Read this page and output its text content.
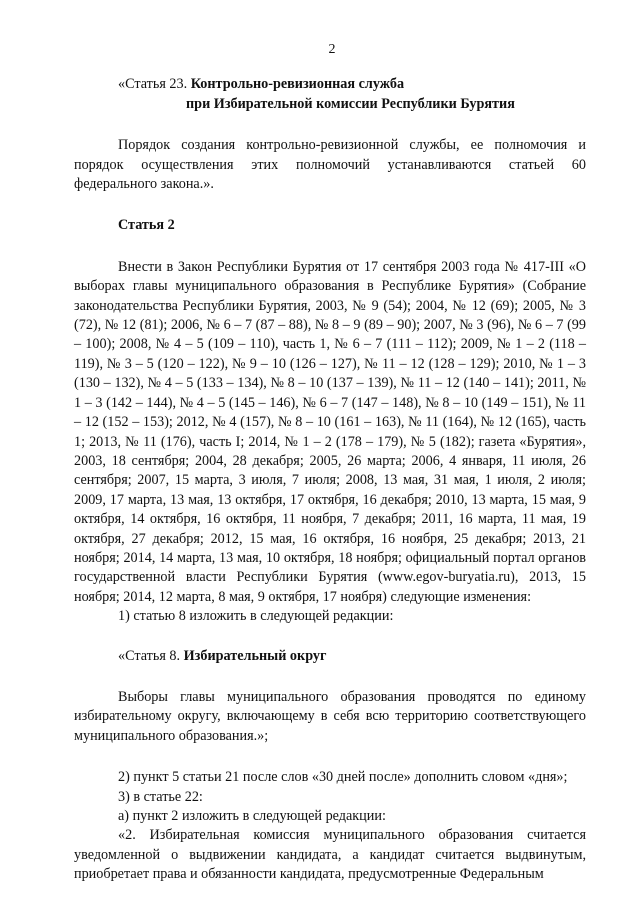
2

«Статья 23. Контрольно-ревизионная служба

при Избирательной комиссии Республики Бурятия

Порядок создания контрольно-ревизионной службы, ее полномочия и порядок осуществления этих полномочий устанавливаются статьей 60 федерального закона.».

Статья 2

Внести в Закон Республики Бурятия от 17 сентября 2003 года № 417-III «О выборах главы муниципального образования в Республике Бурятия» (Собрание законодательства Республики Бурятия, 2003, № 9 (54); 2004, № 12 (69); 2005, № 3 (72), № 12 (81); 2006, № 6 – 7 (87 – 88), № 8 – 9 (89 – 90); 2007, № 3 (96), № 6 – 7 (99 – 100); 2008, № 4 – 5 (109 – 110), часть 1, № 6 – 7 (111 – 112); 2009, № 1 – 2 (118 – 119), № 3 – 5 (120 – 122), № 9 – 10 (126 – 127), № 11 – 12 (128 – 129); 2010, № 1 – 3 (130 – 132), № 4 – 5 (133 – 134), № 8 – 10 (137 – 139), № 11 – 12 (140 – 141); 2011, № 1 – 3 (142 – 144), № 4 – 5 (145 – 146), № 6 – 7 (147 – 148), № 8 – 10 (149 – 151), № 11 – 12 (152 – 153); 2012, № 4 (157), № 8 – 10 (161 – 163), № 11 (164), № 12 (165), часть 1; 2013, № 11 (176), часть I; 2014, № 1 – 2 (178 – 179), № 5 (182); газета «Бурятия», 2003, 18 сентября; 2004, 28 декабря; 2005, 26 марта; 2006, 4 января, 11 июля, 26 сентября; 2007, 15 марта, 3 июля, 7 июля; 2008, 13 мая, 31 мая, 1 июля, 2 июля; 2009, 17 марта, 13 мая, 13 октября, 17 октября, 16 декабря; 2010, 13 марта, 15 мая, 9 октября, 14 октября, 16 октября, 11 ноября, 7 декабря; 2011, 16 марта, 11 мая, 19 октября, 27 декабря; 2012, 15 мая, 16 октября, 16 ноября, 25 декабря; 2013, 21 ноября; 2014, 14 марта, 13 мая, 10 октября, 18 ноября; официальный портал органов государственной власти Республики Бурятия (www.egov-buryatia.ru), 2013, 15 ноября; 2014, 12 марта, 8 мая, 9 октября, 17 ноября) следующие изменения:

1) статью 8 изложить в следующей редакции:

«Статья 8. Избирательный округ

Выборы главы муниципального образования проводятся по единому избирательному округу, включающему в себя всю территорию соответствующего муниципального образования.»;

2) пункт 5 статьи 21 после слов «30 дней после» дополнить словом «дня»;

3) в статье 22:

а) пункт 2 изложить в следующей редакции:

«2. Избирательная комиссия муниципального образования считается уведомленной о выдвижении кандидата, а кандидат считается выдвинутым, приобретает права и обязанности кандидата, предусмотренные Федеральным
